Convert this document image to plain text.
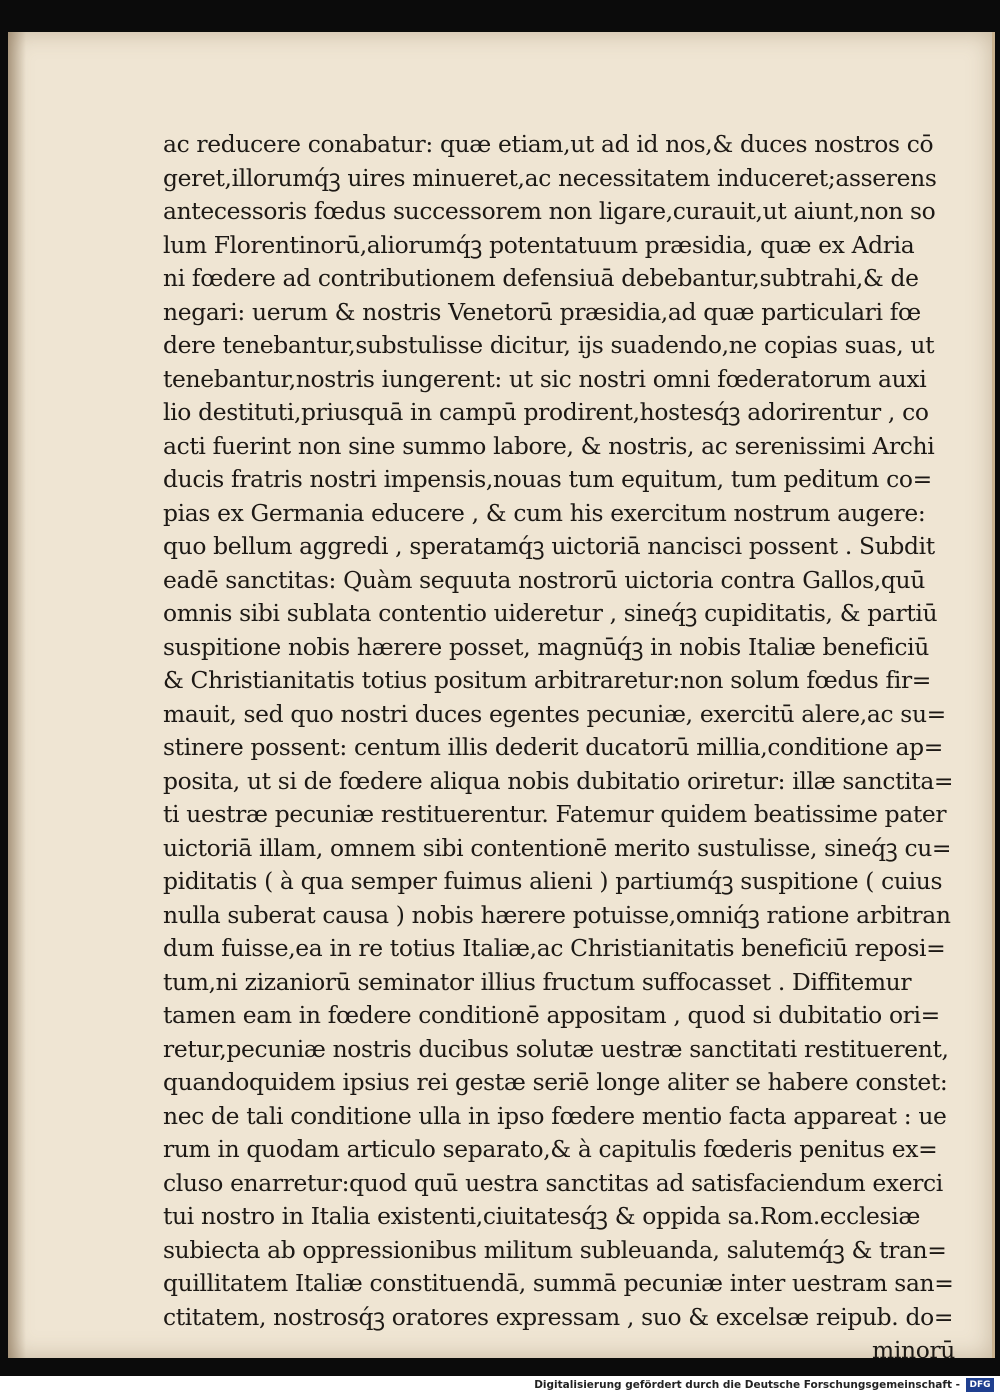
ac reducere conabatur: quæ etiam,ut ad id nos,& duces nostros cō
geret,illorumq́ꝫ uires minueret,ac necessitatem induceret;asserens
antecessoris fœdus successorem non ligare,curauit,ut aiunt,non so
lum Florentinorū,aliorumq́ꝫ potentatuum præsidia, quæ ex Adria
ni fœdere ad contributionem defensiuā debebantur,subtrahi,& de
negari: uerum & nostris Venetorū præsidia,ad quæ particulari fœ
dere tenebantur,substulisse dicitur, ijs suadendo,ne copias suas, ut
tenebantur,nostris iungerent: ut sic nostri omni fœderatorum auxi
lio destituti,priusquā in campū prodirent,hostesq́ꝫ adorirentur , co
acti fuerint non sine summo labore, & nostris, ac serenissimi Archi
ducis fratris nostri impensis,nouas tum equitum, tum peditum co=
pias ex Germania educere , & cum his exercitum nostrum augere:
quo bellum aggredi , speratamq́ꝫ uictoriā nancisci possent . Subdit
eadē sanctitas: Quàm sequuta nostrorū uictoria contra Gallos,quū
omnis sibi sublata contentio uideretur , sineq́ꝫ cupiditatis, & partiū
suspitione nobis hærere posset, magnūq́ꝫ in nobis Italiæ beneficiū
& Christianitatis totius positum arbitraretur:non solum fœdus fir=
mauit, sed quo nostri duces egentes pecuniæ, exercitū alere,ac su=
stinere possent: centum illis dederit ducatorū millia,conditione ap=
posita, ut si de fœdere aliqua nobis dubitatio oriretur: illæ sanctita=
ti uestræ pecuniæ restituerentur. Fatemur quidem beatissime pater
uictoriā illam, omnem sibi contentionē merito sustulisse, sineq́ꝫ cu=
piditatis ( à qua semper fuimus alieni ) partiumq́ꝫ suspitione ( cuius
nulla suberat causa ) nobis hærere potuisse,omniq́ꝫ ratione arbitran
dum fuisse,ea in re totius Italiæ,ac Christianitatis beneficiū reposi=
tum,ni zizaniorū seminator illius fructum suffocasset . Diffitemur
tamen eam in fœdere conditionē appositam , quod si dubitatio ori=
retur,pecuniæ nostris ducibus solutæ uestræ sanctitati restituerent,
quandoquidem ipsius rei gestæ seriē longe aliter se habere constet:
nec de tali conditione ulla in ipso fœdere mentio facta appareat : ue
rum in quodam articulo separato,& à capitulis fœderis penitus ex=
cluso enarretur:quod quū uestra sanctitas ad satisfaciendum exerci
tui nostro in Italia existenti,ciuitatesq́ꝫ & oppida sa.Rom.ecclesiæ
subiecta ab oppressionibus militum subleuanda, salutemq́ꝫ & tran=
quillitatem Italiæ constituendā, summā pecuniæ inter uestram san=
ctitatem, nostrosq́ꝫ oratores expressam , suo & excelsæ reipub. do=
minorū
Digitalisierung gefördert durch die Deutsche Forschungsgemeinschaft -	DFG
